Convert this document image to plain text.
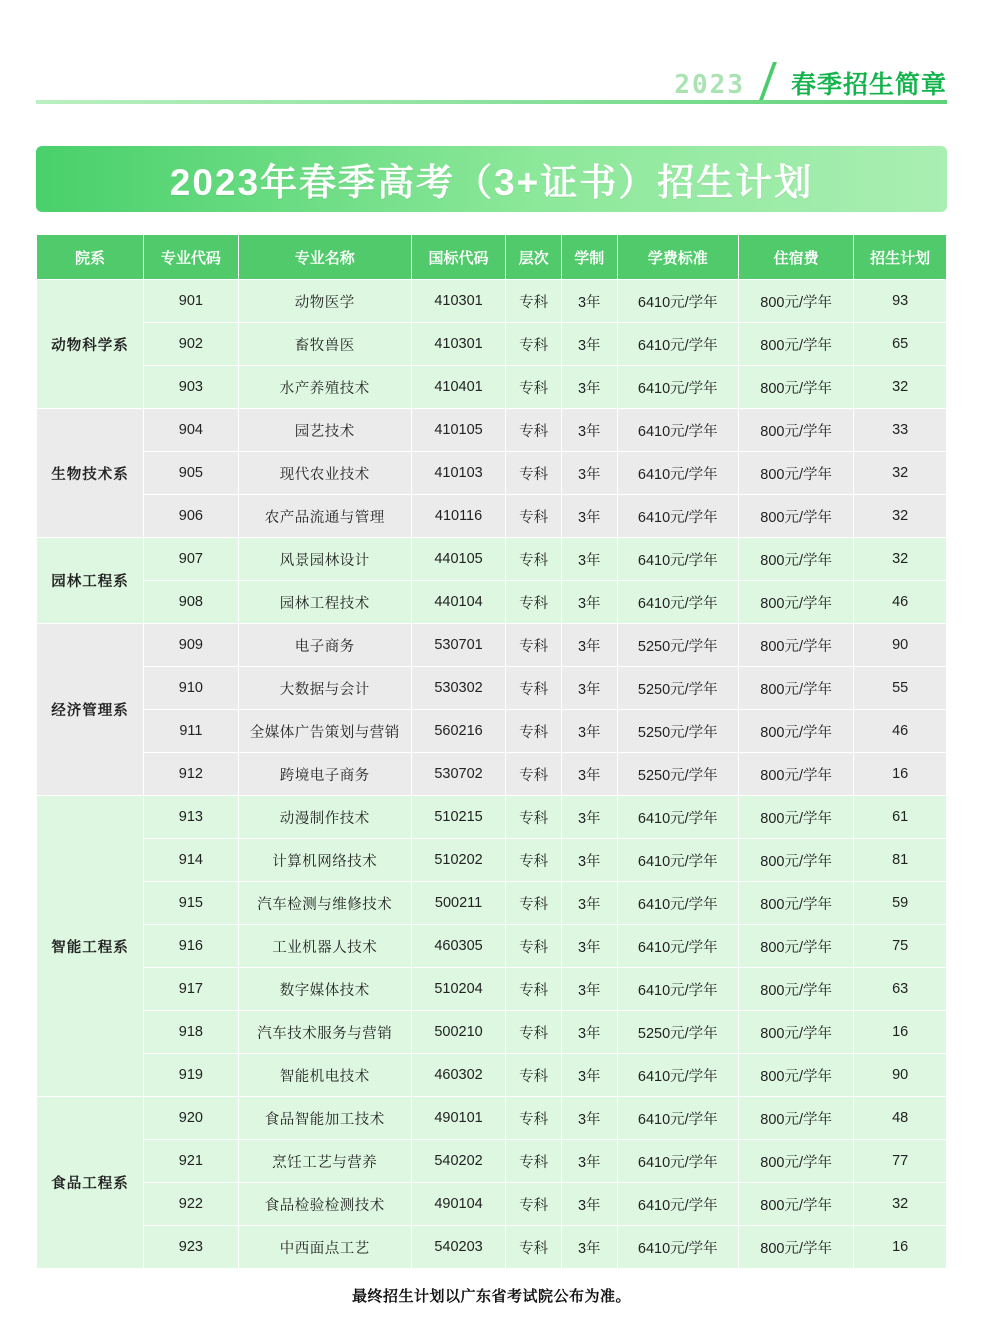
2023 春季招生简章
2023年春季高考（3+证书）招生计划
院系	专业代码	专业名称	国标代码	层次	学制	学费标准	住宿费	招生计划
动物科学系	901	动物医学	410301	专科	3年	6410元/学年	800元/学年	93
	902	畜牧兽医	410301	专科	3年	6410元/学年	800元/学年	65
	903	水产养殖技术	410401	专科	3年	6410元/学年	800元/学年	32
生物技术系	904	园艺技术	410105	专科	3年	6410元/学年	800元/学年	33
	905	现代农业技术	410103	专科	3年	6410元/学年	800元/学年	32
	906	农产品流通与管理	410116	专科	3年	6410元/学年	800元/学年	32
园林工程系	907	风景园林设计	440105	专科	3年	6410元/学年	800元/学年	32
	908	园林工程技术	440104	专科	3年	6410元/学年	800元/学年	46
经济管理系	909	电子商务	530701	专科	3年	5250元/学年	800元/学年	90
	910	大数据与会计	530302	专科	3年	5250元/学年	800元/学年	55
	911	全媒体广告策划与营销	560216	专科	3年	5250元/学年	800元/学年	46
	912	跨境电子商务	530702	专科	3年	5250元/学年	800元/学年	16
智能工程系	913	动漫制作技术	510215	专科	3年	6410元/学年	800元/学年	61
	914	计算机网络技术	510202	专科	3年	6410元/学年	800元/学年	81
	915	汽车检测与维修技术	500211	专科	3年	6410元/学年	800元/学年	59
	916	工业机器人技术	460305	专科	3年	6410元/学年	800元/学年	75
	917	数字媒体技术	510204	专科	3年	6410元/学年	800元/学年	63
	918	汽车技术服务与营销	500210	专科	3年	5250元/学年	800元/学年	16
	919	智能机电技术	460302	专科	3年	6410元/学年	800元/学年	90
食品工程系	920	食品智能加工技术	490101	专科	3年	6410元/学年	800元/学年	48
	921	烹饪工艺与营养	540202	专科	3年	6410元/学年	800元/学年	77
	922	食品检验检测技术	490104	专科	3年	6410元/学年	800元/学年	32
	923	中西面点工艺	540203	专科	3年	6410元/学年	800元/学年	16
最终招生计划以广东省考试院公布为准。
